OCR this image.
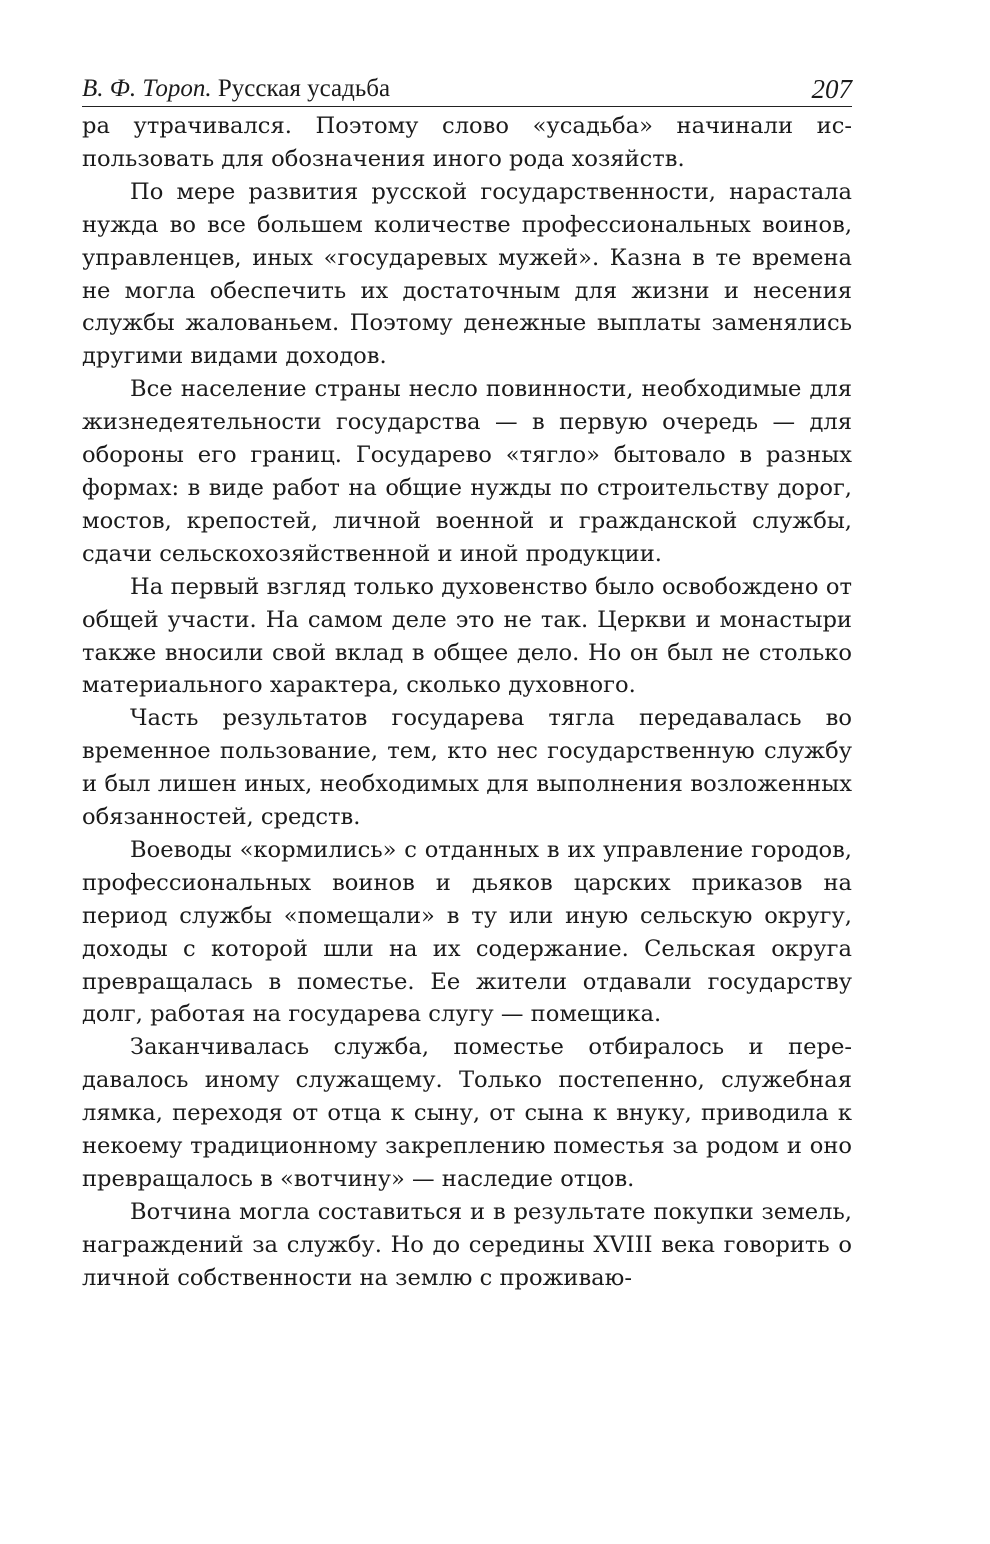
В. Ф. Тороп. Русская усадьба	207

ра утрачивался. Поэтому слово «усадьба» начинали использовать для обозначения иного рода хозяйств.

По мере развития русской государственности, нарастала нужда во все большем количестве профессиональных воинов, управленцев, иных «государевых мужей». Казна в те времена не могла обеспечить их достаточным для жизни и несения службы жалованьем. Поэтому денежные выплаты заменялись другими видами доходов.

Все население страны несло повинности, необходимые для жизнедеятельности государства — в первую очередь — для обороны его границ. Государево «тягло» бытовало в разных формах: в виде работ на общие нужды по строительству дорог, мостов, крепостей, личной военной и гражданской службы, сдачи сельскохозяйственной и иной продукции.

На первый взгляд только духовенство было освобождено от общей участи. На самом деле это не так. Церкви и монастыри также вносили свой вклад в общее дело. Но он был не столько материального характера, сколько духовного.

Часть результатов государева тягла передавалась во временное пользование, тем, кто нес государственную службу и был лишен иных, необходимых для выполнения возложенных обязанностей, средств.

Воеводы «кормились» с отданных в их управление городов, профессиональных воинов и дьяков царских приказов на период службы «помещали» в ту или иную сельскую округу, доходы с которой шли на их содержание. Сельская округа превращалась в поместье. Ее жители отдавали государству долг, работая на государева слугу — помещика.

Заканчивалась служба, поместье отбиралось и передавалось иному служащему. Только постепенно, служебная лямка, переходя от отца к сыну, от сына к внуку, приводила к некоему традиционному закреплению поместья за родом и оно превращалось в «вотчину» — наследие отцов.

Вотчина могла составиться и в результате покупки земель, награждений за службу. Но до середины XVIII века говорить о личной собственности на землю с проживаю-
